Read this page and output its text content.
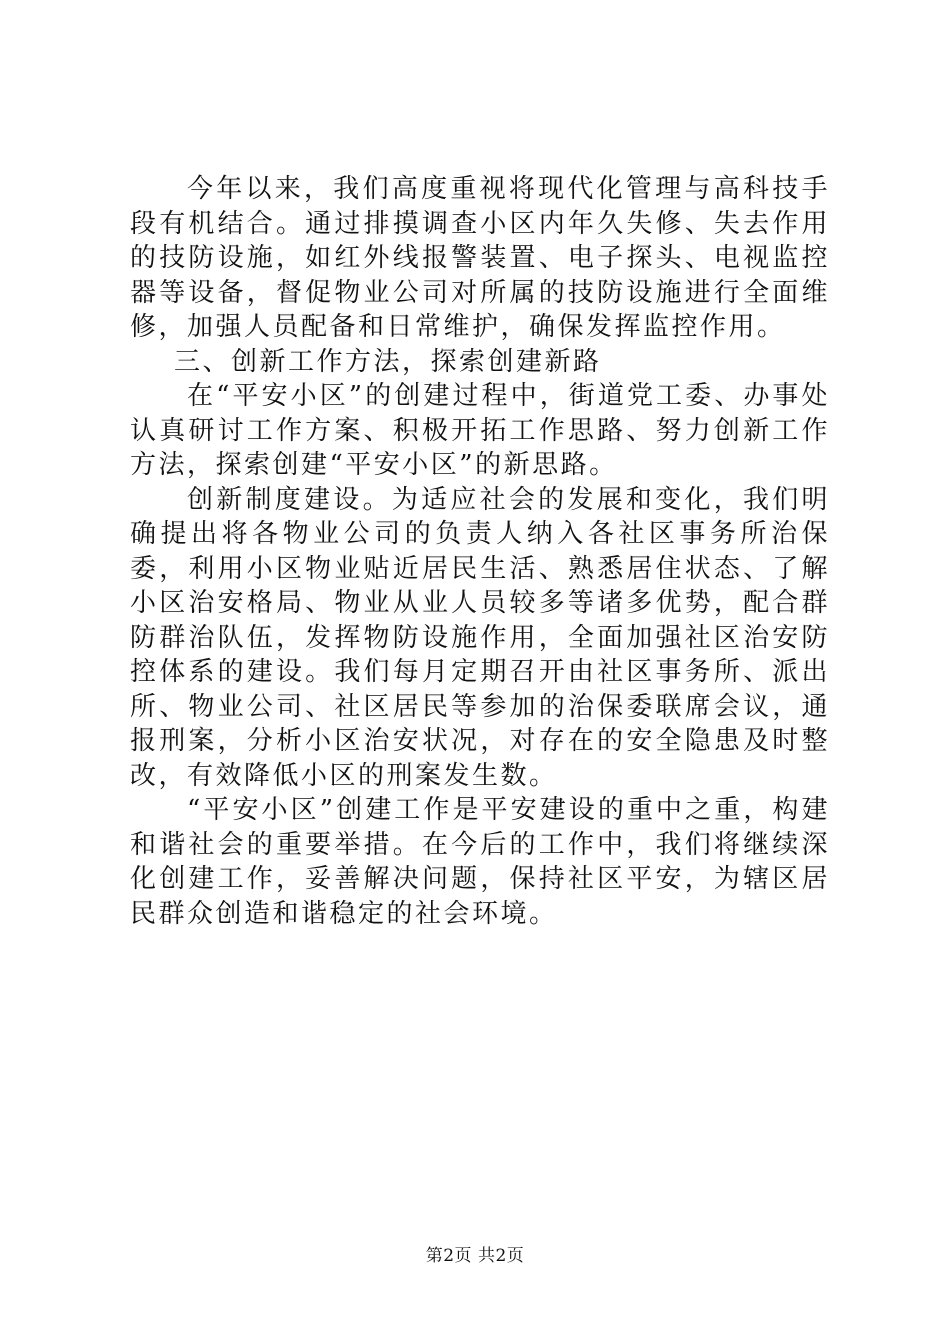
今年以来，我们高度重视将现代化管理与高科技手段有机结合。通过排摸调查小区内年久失修、失去作用的技防设施，如红外线报警装置、电子探头、电视监控器等设备，督促物业公司对所属的技防设施进行全面维修，加强人员配备和日常维护，确保发挥监控作用。

三、创新工作方法，探索创建新路

在“平安小区”的创建过程中，街道党工委、办事处认真研讨工作方案、积极开拓工作思路、努力创新工作方法，探索创建“平安小区”的新思路。

创新制度建设。为适应社会的发展和变化，我们明确提出将各物业公司的负责人纳入各社区事务所治保委，利用小区物业贴近居民生活、熟悉居住状态、了解小区治安格局、物业从业人员较多等诸多优势，配合群防群治队伍，发挥物防设施作用，全面加强社区治安防控体系的建设。我们每月定期召开由社区事务所、派出所、物业公司、社区居民等参加的治保委联席会议，通报刑案，分析小区治安状况，对存在的安全隐患及时整改，有效降低小区的刑案发生数。

“平安小区”创建工作是平安建设的重中之重，构建和谐社会的重要举措。在今后的工作中，我们将继续深化创建工作，妥善解决问题，保持社区平安，为辖区居民群众创造和谐稳定的社会环境。

第2页 共2页
